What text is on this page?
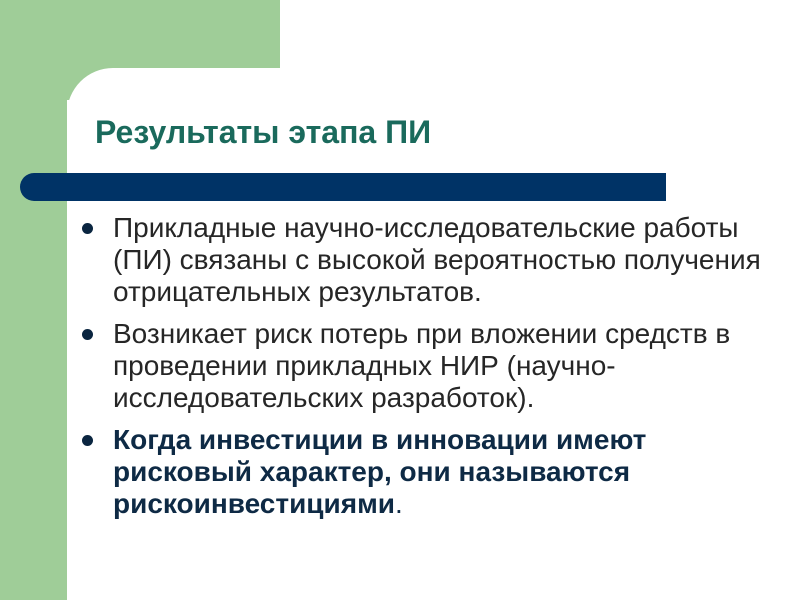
Результаты этапа ПИ
Прикладные научно-исследовательские работы (ПИ) связаны с высокой вероятностью получения отрицательных результатов.
Возникает риск потерь при вложении средств в проведении прикладных НИР (научно-исследовательских разработок).
Когда инвестиции в инновации имеют рисковый характер, они называются рискоинвестициями.
